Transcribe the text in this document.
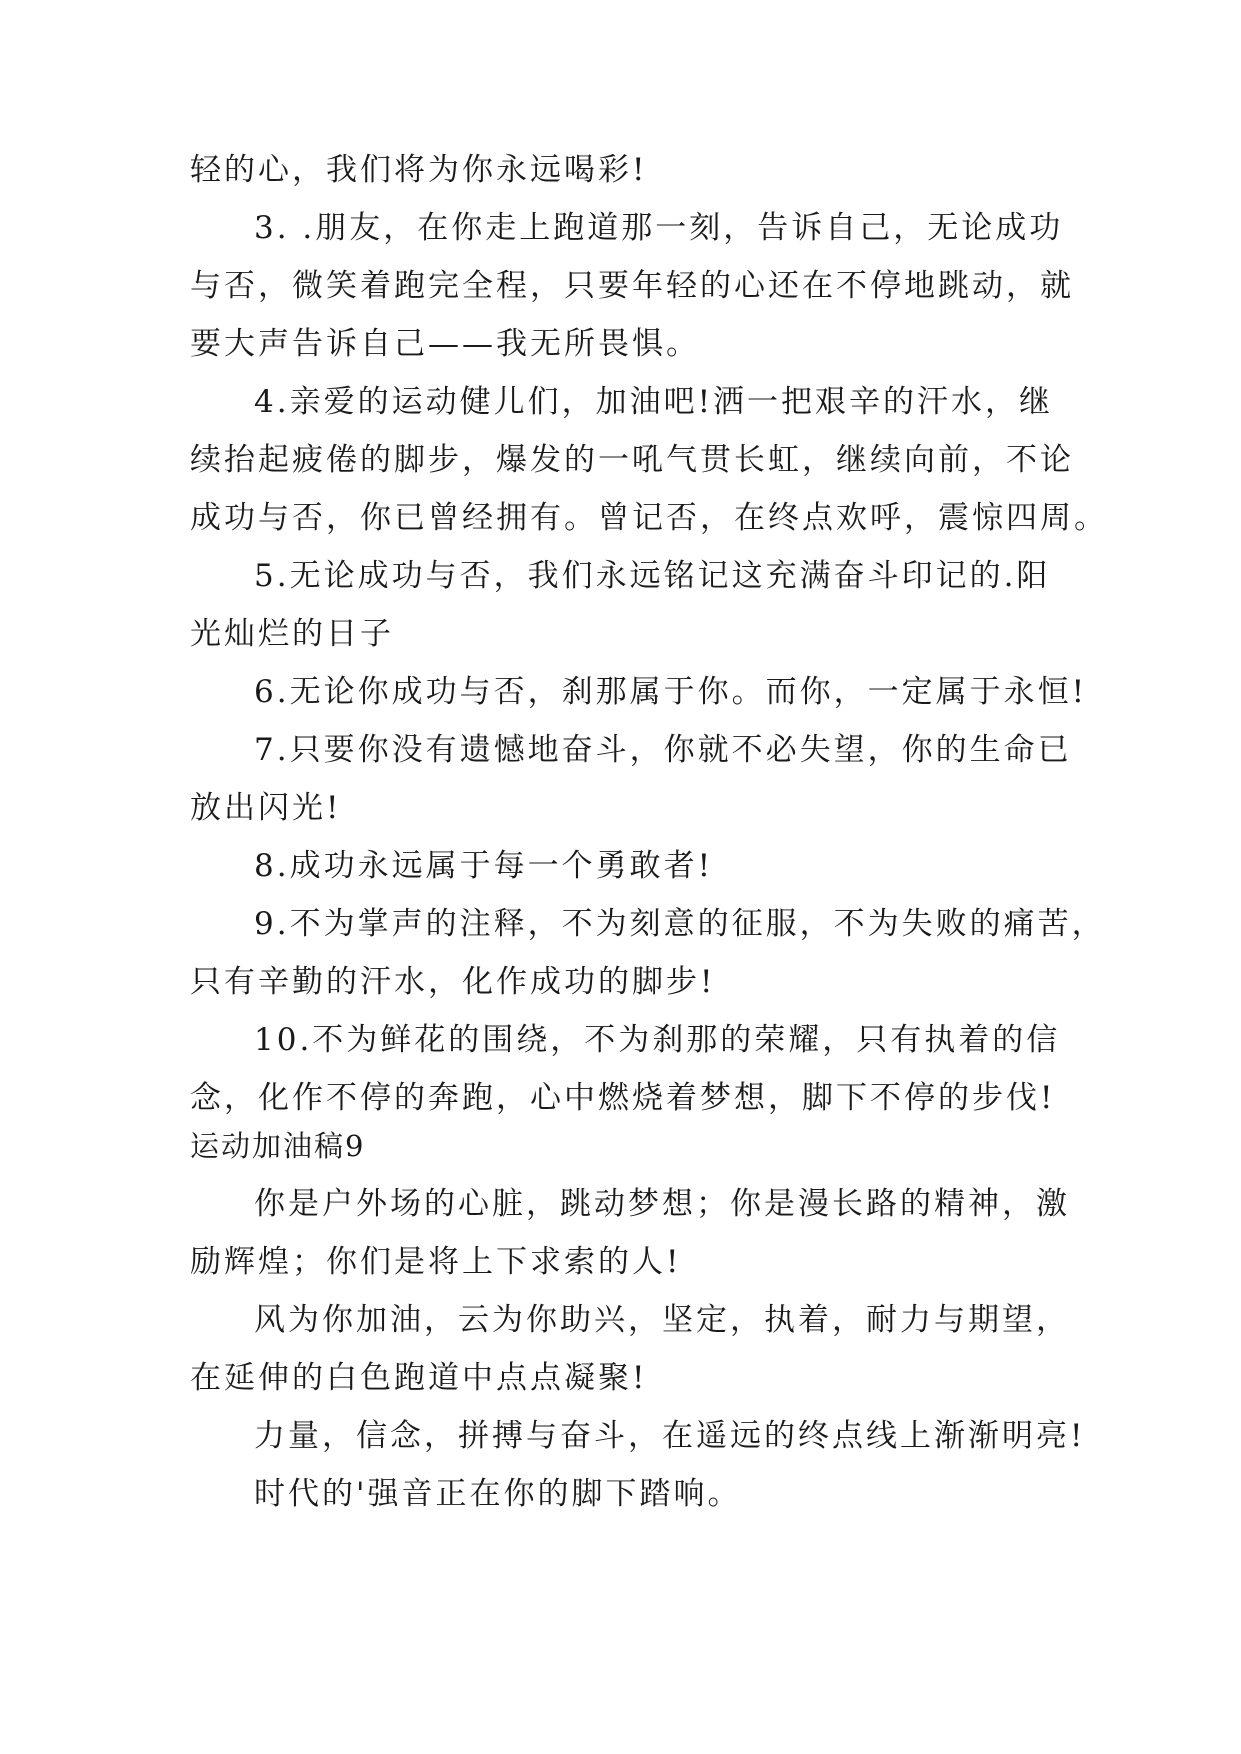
轻的心，我们将为你永远喝彩!
3. .朋友，在你走上跑道那一刻，告诉自己，无论成功
与否，微笑着跑完全程，只要年轻的心还在不停地跳动，就
要大声告诉自己——我无所畏惧。
4.亲爱的运动健儿们，加油吧!洒一把艰辛的汗水，继
续抬起疲倦的脚步，爆发的一吼气贯长虹，继续向前，不论
成功与否，你已曾经拥有。曾记否，在终点欢呼，震惊四周。
5.无论成功与否，我们永远铭记这充满奋斗印记的.阳
光灿烂的日子
6.无论你成功与否，刹那属于你。而你，一定属于永恒!
7.只要你没有遗憾地奋斗，你就不必失望，你的生命已
放出闪光!
8.成功永远属于每一个勇敢者!
9.不为掌声的注释，不为刻意的征服，不为失败的痛苦，
只有辛勤的汗水，化作成功的脚步!
10.不为鲜花的围绕，不为刹那的荣耀，只有执着的信
念，化作不停的奔跑，心中燃烧着梦想，脚下不停的步伐!
运动加油稿9
你是户外场的心脏，跳动梦想；你是漫长路的精神，激
励辉煌；你们是将上下求索的人!
风为你加油，云为你助兴，坚定，执着，耐力与期望，
在延伸的白色跑道中点点凝聚!
力量，信念，拼搏与奋斗，在遥远的终点线上渐渐明亮!
时代的'强音正在你的脚下踏响。
